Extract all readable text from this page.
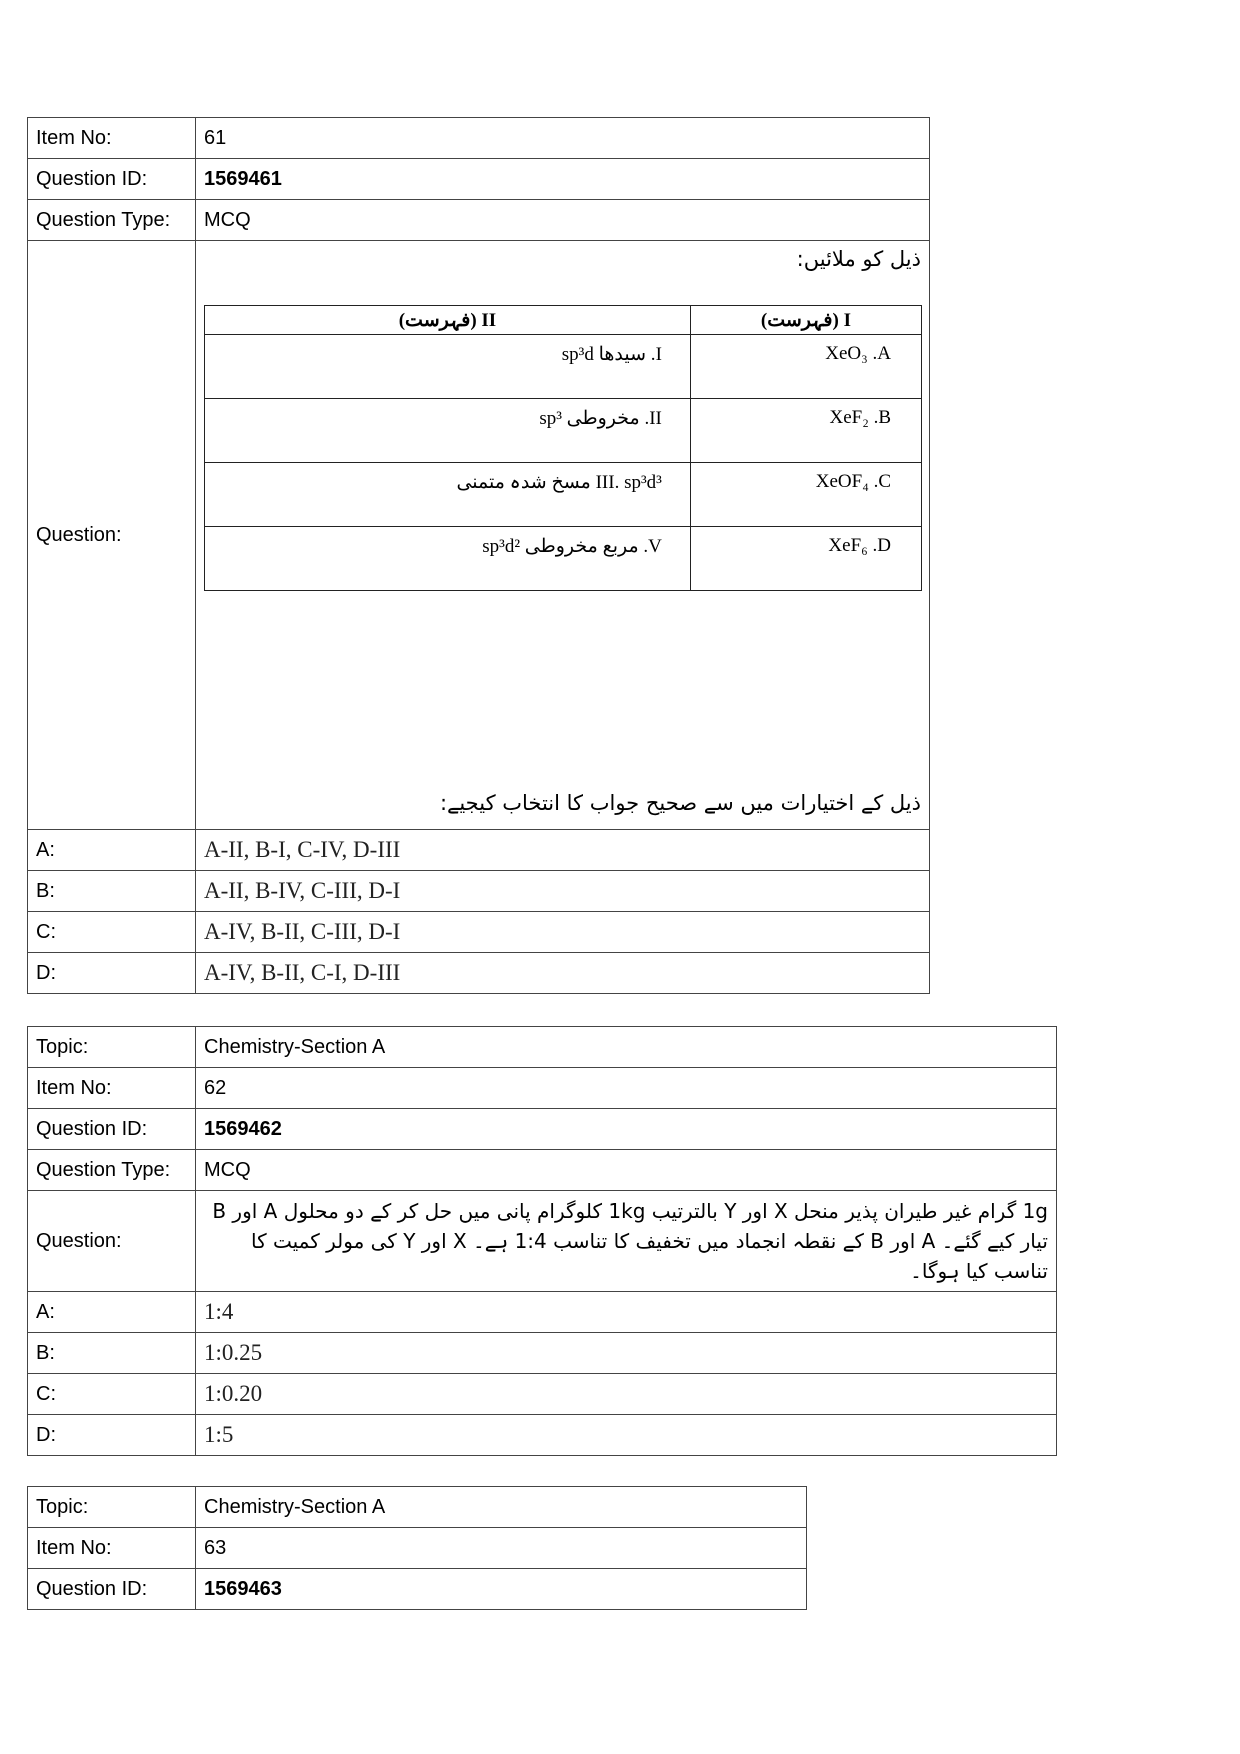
Item No:	61
Question ID:	1569461
Question Type:	MCQ
Question:	
ذیل کو ملائیں:
(فہرست) II	(فہرست) I
I. سیدھا sp³d	XeO₃ .A
II. مخروطی sp³	XeF₂ .B
III. sp³d³ مسخ شدہ متمنی	XeOF₄ .C
V. مربع مخروطی sp³d²	XeF₆ .D
ذیل کے اختیارات میں سے صحیح جواب کا انتخاب کیجیے:

A:	A-II, B-I, C-IV, D-III
B:	A-II, B-IV, C-III, D-I
C:	A-IV, B-II, C-III, D-I
D:	A-IV, B-II, C-I, D-III
Topic:	Chemistry-Section A
Item No:	62
Question ID:	1569462
Question Type:	MCQ
Question:	1g گرام غیر طیران پذیر منحل X اور Y بالترتیب 1kg کلوگرام پانی میں حل کر کے دو محلول A اور B تیار کیے گئے۔ A اور B کے نقطہ انجماد میں تخفیف کا تناسب 1:4 ہے۔ X اور Y کی مولر کمیت کا تناسب کیا ہوگا۔
A:	1:4
B:	1:0.25
C:	1:0.20
D:	1:5
Topic:	Chemistry-Section A
Item No:	63
Question ID:	1569463
